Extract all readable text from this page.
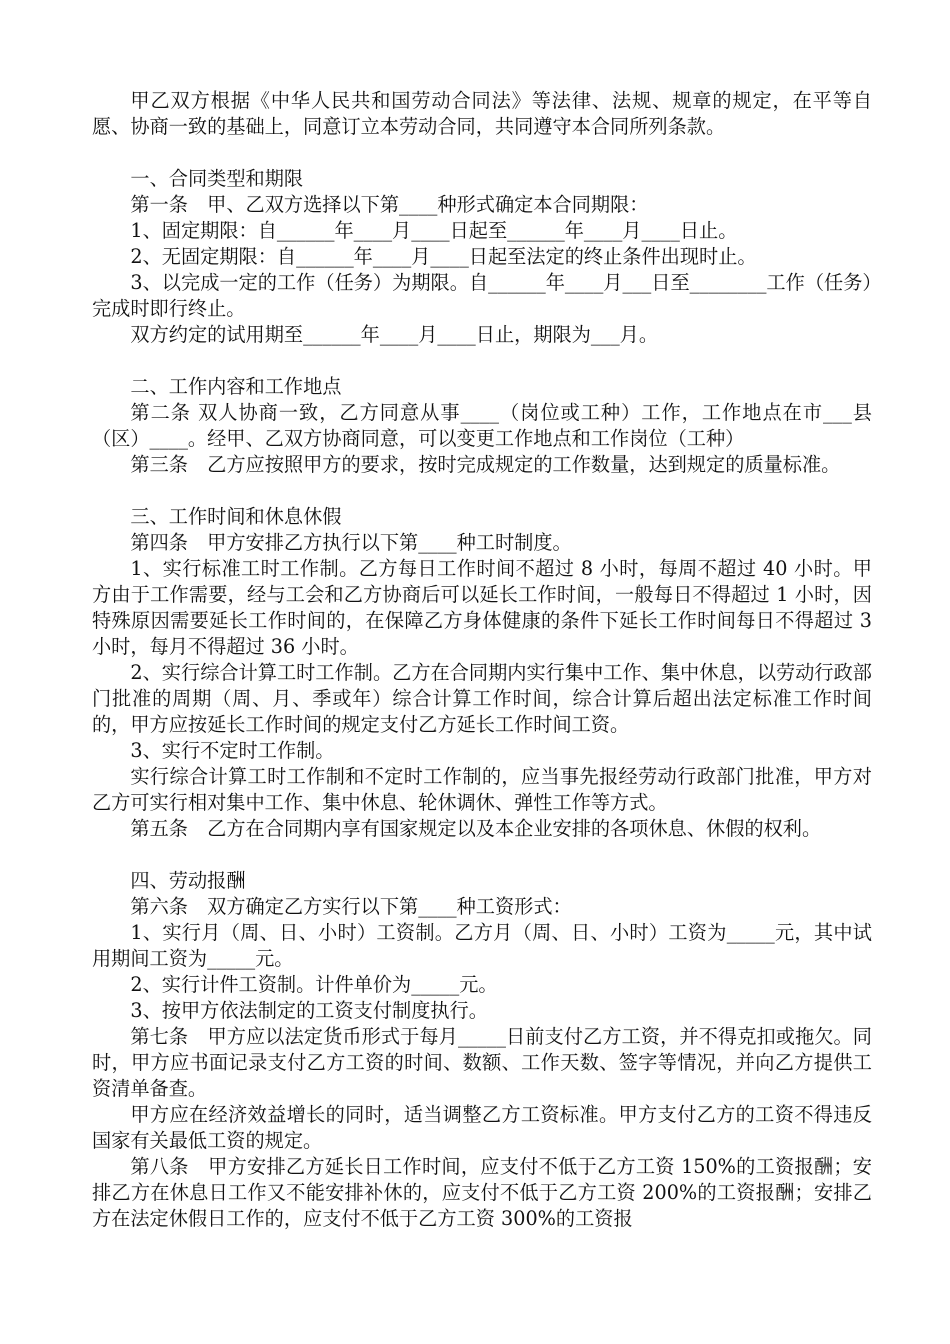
甲乙双方根据《中华人民共和国劳动合同法》等法律、法规、规章的规定，在平等自愿、协商一致的基础上，同意订立本劳动合同，共同遵守本合同所列条款。

一、合同类型和期限

第一条　甲、乙双方选择以下第____种形式确定本合同期限：

1、固定期限：自______年____月____日起至______年____月____日止。

2、无固定期限：自______年____月____日起至法定的终止条件出现时止。

3、以完成一定的工作（任务）为期限。自______年____月___日至________工作（任务）完成时即行终止。

双方约定的试用期至______年____月____日止，期限为___月。

二、工作内容和工作地点

第二条 双人协商一致，乙方同意从事____（岗位或工种）工作，工作地点在市___县（区）____。经甲、乙双方协商同意，可以变更工作地点和工作岗位（工种）

第三条　乙方应按照甲方的要求，按时完成规定的工作数量，达到规定的质量标准。

三、工作时间和休息休假

第四条　甲方安排乙方执行以下第____种工时制度。

1、实行标准工时工作制。乙方每日工作时间不超过 8 小时，每周不超过 40 小时。甲方由于工作需要，经与工会和乙方协商后可以延长工作时间，一般每日不得超过 1 小时，因特殊原因需要延长工作时间的，在保障乙方身体健康的条件下延长工作时间每日不得超过 3 小时，每月不得超过 36 小时。

2、实行综合计算工时工作制。乙方在合同期内实行集中工作、集中休息，以劳动行政部门批准的周期（周、月、季或年）综合计算工作时间，综合计算后超出法定标准工作时间的，甲方应按延长工作时间的规定支付乙方延长工作时间工资。

3、实行不定时工作制。

实行综合计算工时工作制和不定时工作制的，应当事先报经劳动行政部门批准，甲方对乙方可实行相对集中工作、集中休息、轮休调休、弹性工作等方式。

第五条　乙方在合同期内享有国家规定以及本企业安排的各项休息、休假的权利。

四、劳动报酬

第六条　双方确定乙方实行以下第____种工资形式：

1、实行月（周、日、小时）工资制。乙方月（周、日、小时）工资为_____元，其中试用期间工资为_____元。

2、实行计件工资制。计件单价为_____元。

3、按甲方依法制定的工资支付制度执行。

第七条　甲方应以法定货币形式于每月_____日前支付乙方工资，并不得克扣或拖欠。同时，甲方应书面记录支付乙方工资的时间、数额、工作天数、签字等情况，并向乙方提供工资清单备查。

甲方应在经济效益增长的同时，适当调整乙方工资标准。甲方支付乙方的工资不得违反国家有关最低工资的规定。

第八条　甲方安排乙方延长日工作时间，应支付不低于乙方工资 150%的工资报酬；安排乙方在休息日工作又不能安排补休的，应支付不低于乙方工资 200%的工资报酬；安排乙方在法定休假日工作的，应支付不低于乙方工资 300%的工资报
